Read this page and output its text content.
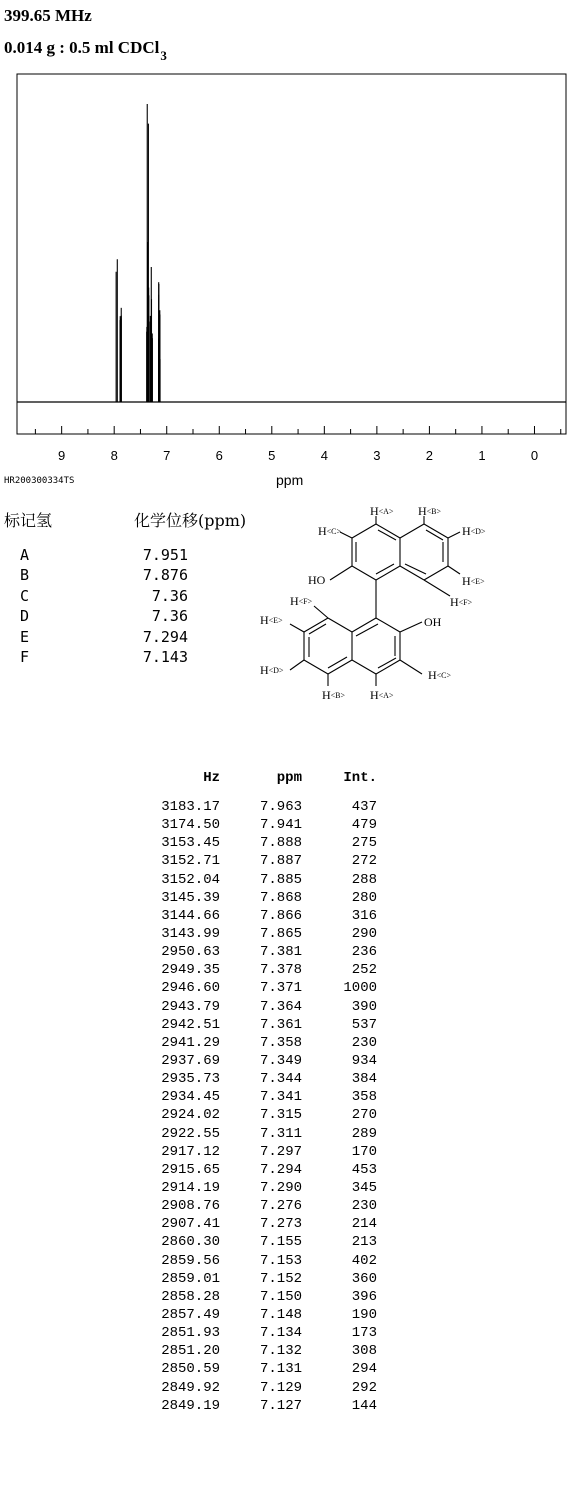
399.65 MHz
0.014 g : 0.5 ml CDCl$_3$
9	8	7	6	5	4	3	2	1	0
HR200300334TS	ppm
标记氢	化学位移(ppm)
A	7.951
B	7.876
C	7.36
D	7.36
E	7.294
F	7.143
H<A> H<B>
H<C>	H<D>
H<E>
H<F>
H<F>
H<E>
H<D>	H<C>
H<B> H<A>
HO
OH
Hz	ppm	Int.
3183.17	7.963	437
3174.50	7.941	479
3153.45	7.888	275
3152.71	7.887	272
3152.04	7.885	288
3145.39	7.868	280
3144.66	7.866	316
3143.99	7.865	290
2950.63	7.381	236
2949.35	7.378	252
2946.60	7.371	1000
2943.79	7.364	390
2942.51	7.361	537
2941.29	7.358	230
2937.69	7.349	934
2935.73	7.344	384
2934.45	7.341	358
2924.02	7.315	270
2922.55	7.311	289
2917.12	7.297	170
2915.65	7.294	453
2914.19	7.290	345
2908.76	7.276	230
2907.41	7.273	214
2860.30	7.155	213
2859.56	7.153	402
2859.01	7.152	360
2858.28	7.150	396
2857.49	7.148	190
2851.93	7.134	173
2851.20	7.132	308
2850.59	7.131	294
2849.92	7.129	292
2849.19	7.127	144
